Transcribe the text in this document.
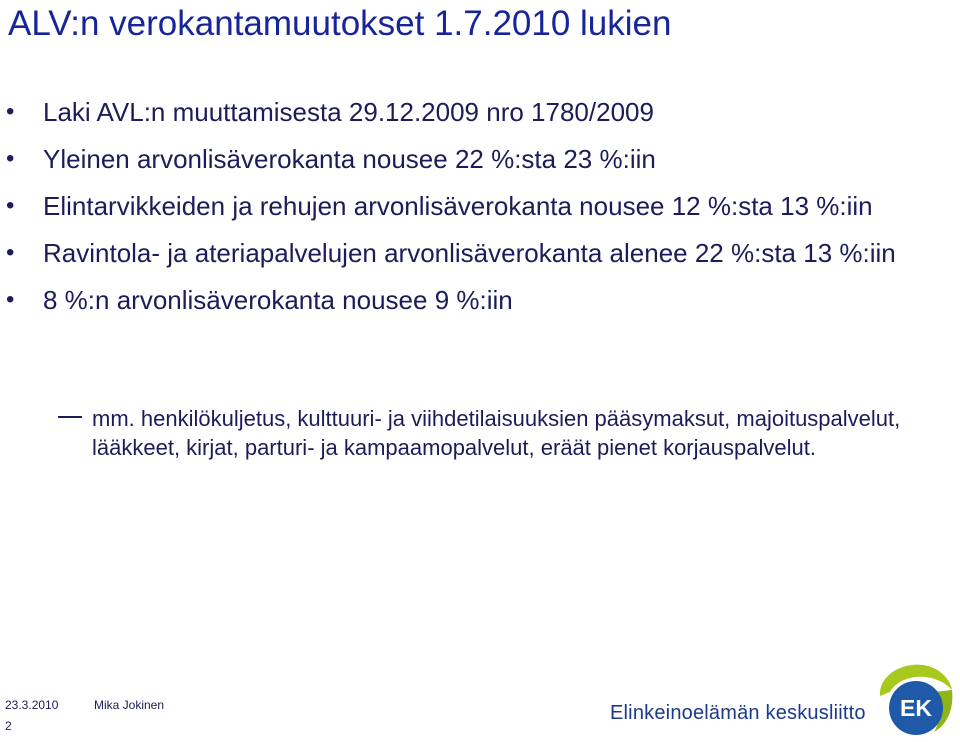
ALV:n verokantamuutokset 1.7.2010 lukien
• Laki AVL:n muuttamisesta 29.12.2009 nro 1780/2009
• Yleinen arvonlisäverokanta nousee 22 %:sta 23 %:iin
• Elintarvikkeiden ja rehujen arvonlisäverokanta nousee 12 %:sta 13 %:iin
• Ravintola- ja ateriapalvelujen arvonlisäverokanta alenee 22 %:sta 13 %:iin
• 8 %:n arvonlisäverokanta nousee 9 %:iin
mm. henkilökuljetus, kulttuuri- ja viihdetilaisuuksien pääsymaksut, majoituspalvelut, lääkkeet, kirjat, parturi- ja kampaamopalvelut, eräät pienet korjauspalvelut.
23.3.2010	Mika Jokinen
2
Elinkeinoelämän keskusliitto EK
